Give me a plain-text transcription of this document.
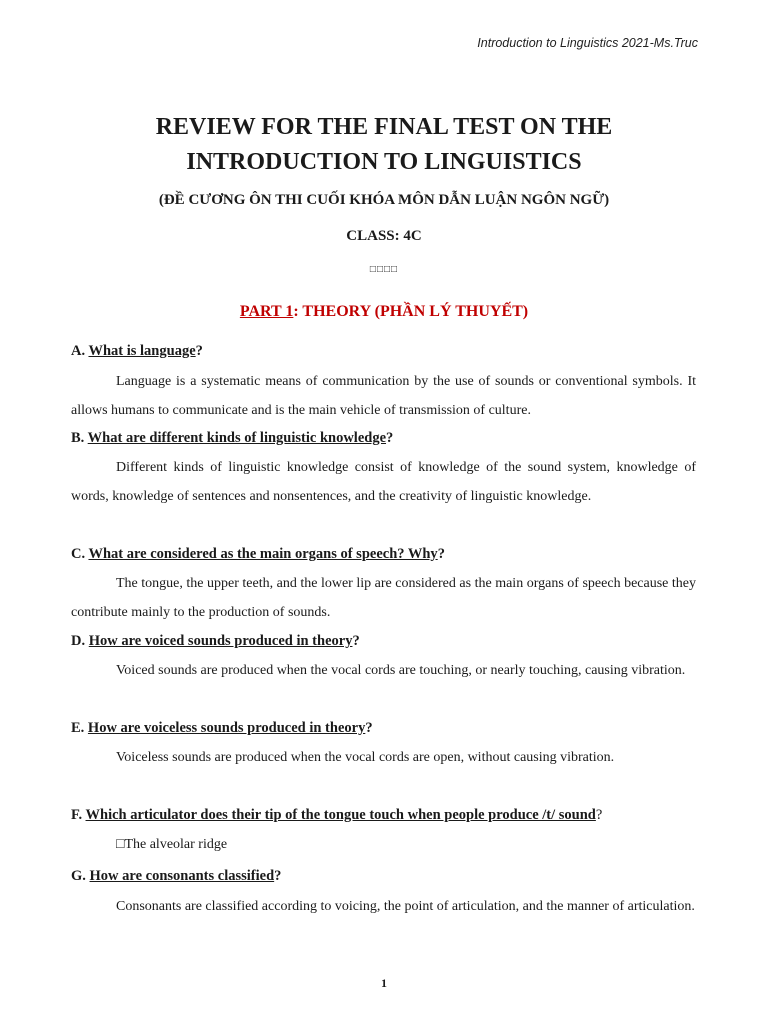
Introduction to Linguistics 2021-Ms.Truc
REVIEW FOR THE FINAL TEST ON THE
INTRODUCTION TO LINGUISTICS
(ĐỀ CƯƠNG ÔN THI CUỐI KHÓA MÔN DẪN LUẬN NGÔN NGỮ)
CLASS: 4C
□□□□
PART 1: THEORY (PHẦN LÝ THUYẾT)
A. What is language?
Language is a systematic means of communication by the use of sounds or conventional symbols. It allows humans to communicate and is the main vehicle of transmission of culture.
B. What are different kinds of linguistic knowledge?
Different kinds of linguistic knowledge consist of knowledge of the sound system, knowledge of words, knowledge of sentences and nonsentences, and the creativity of linguistic knowledge.
C. What are considered as the main organs of speech? Why?
The tongue, the upper teeth, and the lower lip are considered as the main organs of speech because they contribute mainly to the production of sounds.
D. How are voiced sounds produced in theory?
Voiced sounds are produced when the vocal cords are touching, or nearly touching, causing vibration.
E. How are voiceless sounds produced in theory?
Voiceless sounds are produced when the vocal cords are open, without causing vibration.
F. Which articulator does their tip of the tongue touch when people produce /t/ sound?
□The alveolar ridge
G. How are consonants classified?
Consonants are classified according to voicing, the point of articulation, and the manner of articulation.
1
